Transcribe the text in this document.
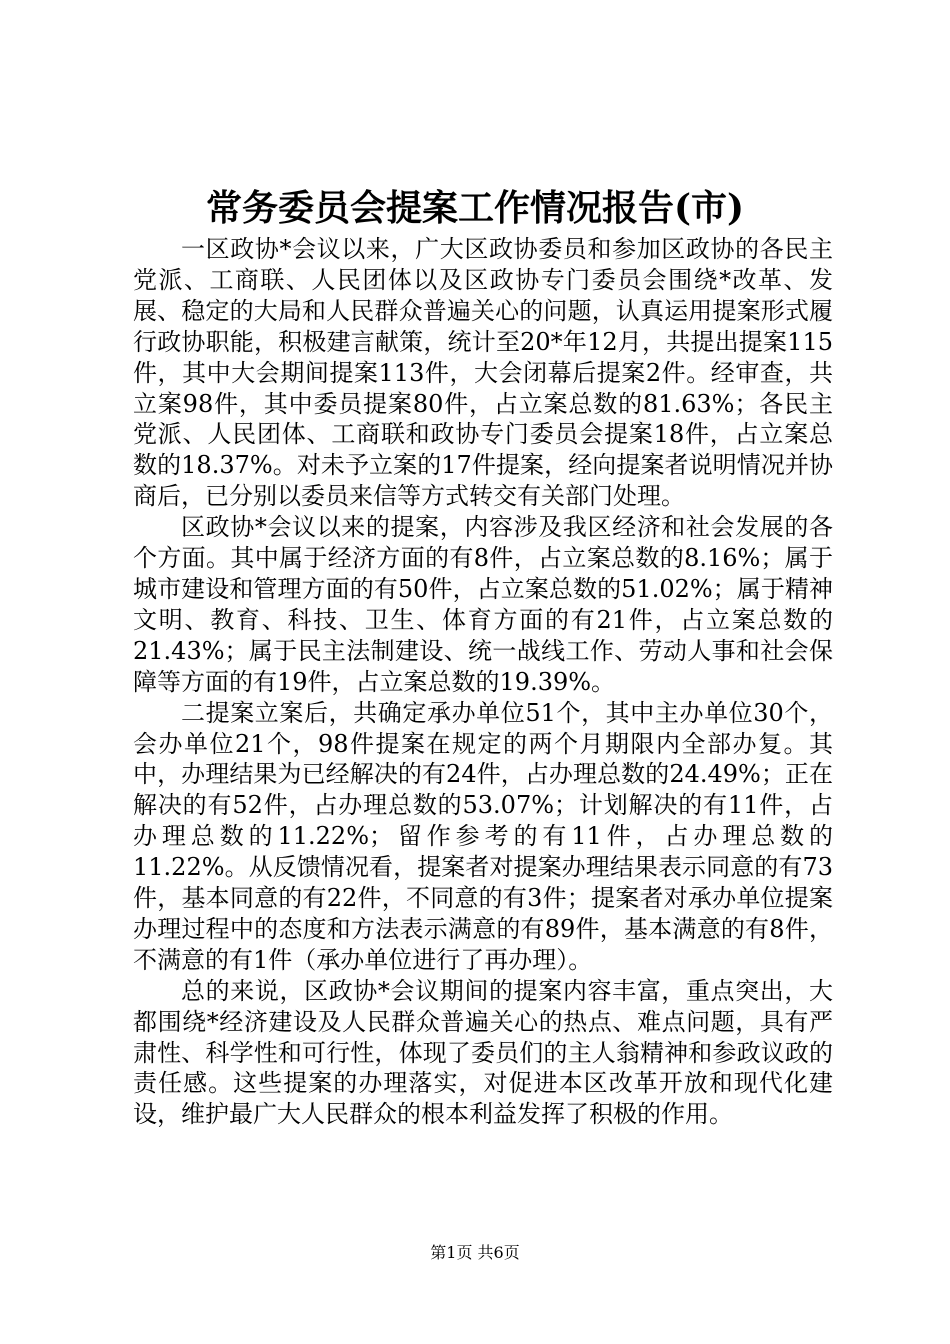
常务委员会提案工作情况报告(市)

一区政协*会议以来，广大区政协委员和参加区政协的各民主党派、工商联、人民团体以及区政协专门委员会围绕*改革、发展、稳定的大局和人民群众普遍关心的问题，认真运用提案形式履行政协职能，积极建言献策，统计至20*年12月，共提出提案115件，其中大会期间提案113件，大会闭幕后提案2件。经审查，共立案98件，其中委员提案80件，占立案总数的81.63%；各民主党派、人民团体、工商联和政协专门委员会提案18件，占立案总数的18.37%。对未予立案的17件提案，经向提案者说明情况并协商后，已分别以委员来信等方式转交有关部门处理。

区政协*会议以来的提案，内容涉及我区经济和社会发展的各个方面。其中属于经济方面的有8件，占立案总数的8.16%；属于城市建设和管理方面的有50件，占立案总数的51.02%；属于精神文明、教育、科技、卫生、体育方面的有21件，占立案总数的21.43%；属于民主法制建设、统一战线工作、劳动人事和社会保障等方面的有19件，占立案总数的19.39%。

二提案立案后，共确定承办单位51个，其中主办单位30个，会办单位21个，98件提案在规定的两个月期限内全部办复。其中，办理结果为已经解决的有24件，占办理总数的24.49%；正在解决的有52件，占办理总数的53.07%；计划解决的有11件，占办理总数的11.22%；留作参考的有11件，占办理总数的11.22%。从反馈情况看，提案者对提案办理结果表示同意的有73件，基本同意的有22件，不同意的有3件；提案者对承办单位提案办理过程中的态度和方法表示满意的有89件，基本满意的有8件，不满意的有1件（承办单位进行了再办理）。

总的来说，区政协*会议期间的提案内容丰富，重点突出，大都围绕*经济建设及人民群众普遍关心的热点、难点问题，具有严肃性、科学性和可行性，体现了委员们的主人翁精神和参政议政的责任感。这些提案的办理落实，对促进本区改革开放和现代化建设，维护最广大人民群众的根本利益发挥了积极的作用。

第1页 共6页
